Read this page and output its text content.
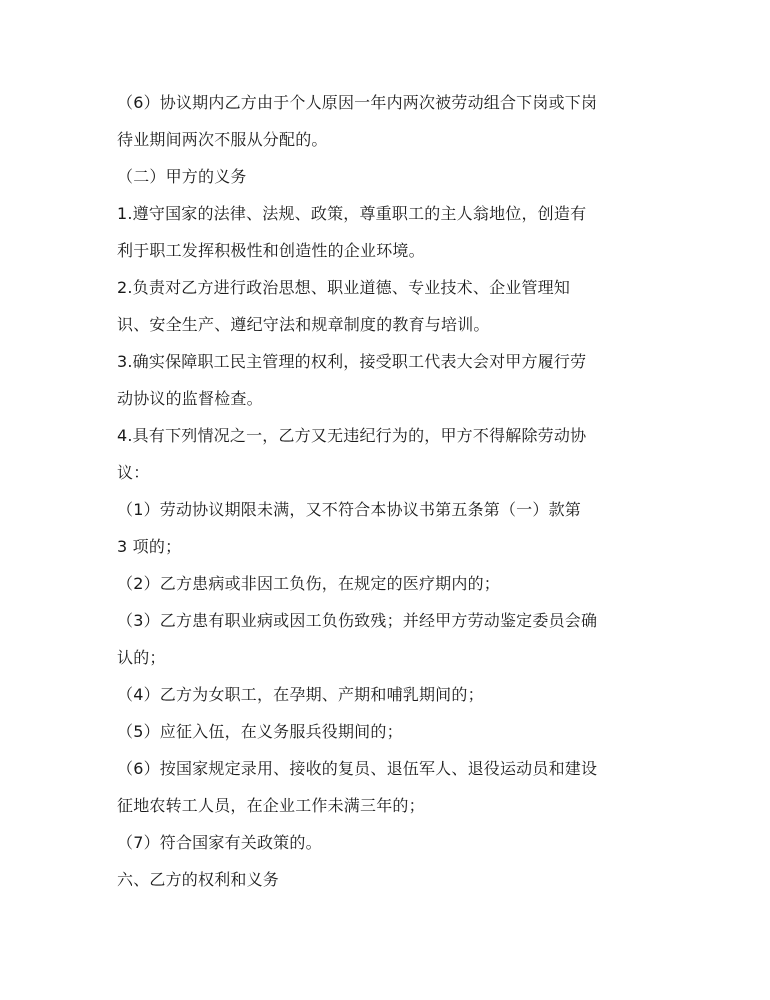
（6）协议期内乙方由于个人原因一年内两次被劳动组合下岗或下岗
待业期间两次不服从分配的。
（二）甲方的义务
1.遵守国家的法律、法规、政策，尊重职工的主人翁地位，创造有
利于职工发挥积极性和创造性的企业环境。
2.负责对乙方进行政治思想、职业道德、专业技术、企业管理知
识、安全生产、遵纪守法和规章制度的教育与培训。
3.确实保障职工民主管理的权利，接受职工代表大会对甲方履行劳
动协议的监督检查。
4.具有下列情况之一，乙方又无违纪行为的，甲方不得解除劳动协
议：
（1）劳动协议期限未满，又不符合本协议书第五条第（一）款第
3 项的；
（2）乙方患病或非因工负伤，在规定的医疗期内的；
（3）乙方患有职业病或因工负伤致残；并经甲方劳动鉴定委员会确
认的；
（4）乙方为女职工，在孕期、产期和哺乳期间的；
（5）应征入伍，在义务服兵役期间的；
（6）按国家规定录用、接收的复员、退伍军人、退役运动员和建设
征地农转工人员，在企业工作未满三年的；
（7）符合国家有关政策的。
六、乙方的权利和义务
